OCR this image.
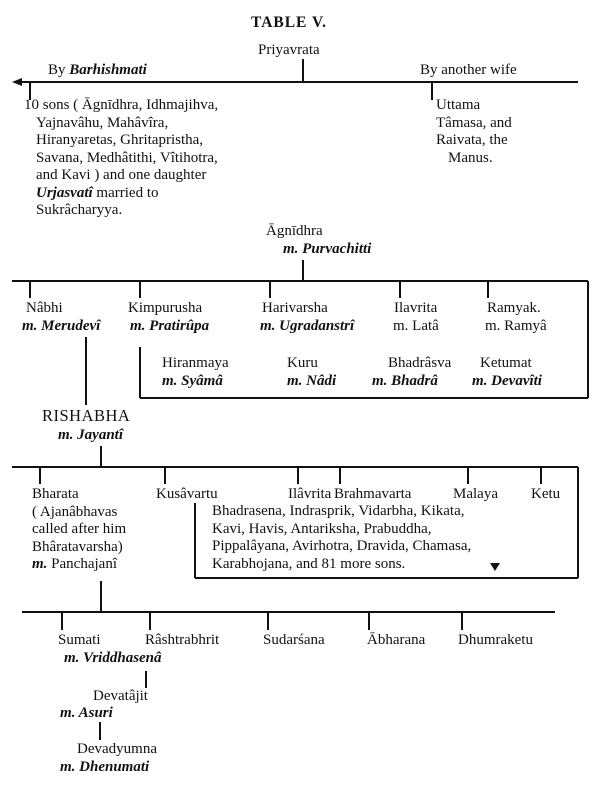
TABLE V.
Priyavrata
By Barhishmati	By another wife
10 sons ( Āgnīdhra, Idhmajihva,
Yajnavâhu, Mahâvîra,
Hiranyaretas, Ghritapristha,
Savana, Medhâtithi, Vîtihotra,
and Kavi ) and one daughter
Urjasvatî married to
Sukrâcharyya.
Uttama
Tâmasa, and
Raivata, the
Manus.
Āgnīdhra
m. Purvachitti
Nâbhi
m. Merudevî
Kimpurusha
m. Pratirûpa
Harivarsha
m. Ugradanstrî
Ilavrita
m. Latâ
Ramyak.
m. Ramyâ
Hiranmaya
m. Syâmâ
Kuru
m. Nâdi
Bhadrâsva
m. Bhadrâ
Ketumat
m. Devavîti
RISHABHA
m. Jayantî
Kusâvartu	Ilâvrita Brahmavarta	Malaya Ketu
Bharata
( Ajanâbhavas
called after him
Bhâratavarsha)
m. Panchajanî
Bhadrasena, Indrasprik, Vidarbha, Kikata,
Kavi, Havis, Antariksha, Prabuddha,
Pippalâyana, Avirhotra, Dravida, Chamasa,
Karabhojana, and 81 more sons.
Sumati
m. Vriddhasenâ
Râshtrabhrit	Sudarśana	Ābharana Dhumraketu
Devatâjit
m. Asuri
Devadyumna
m. Dhenumati
